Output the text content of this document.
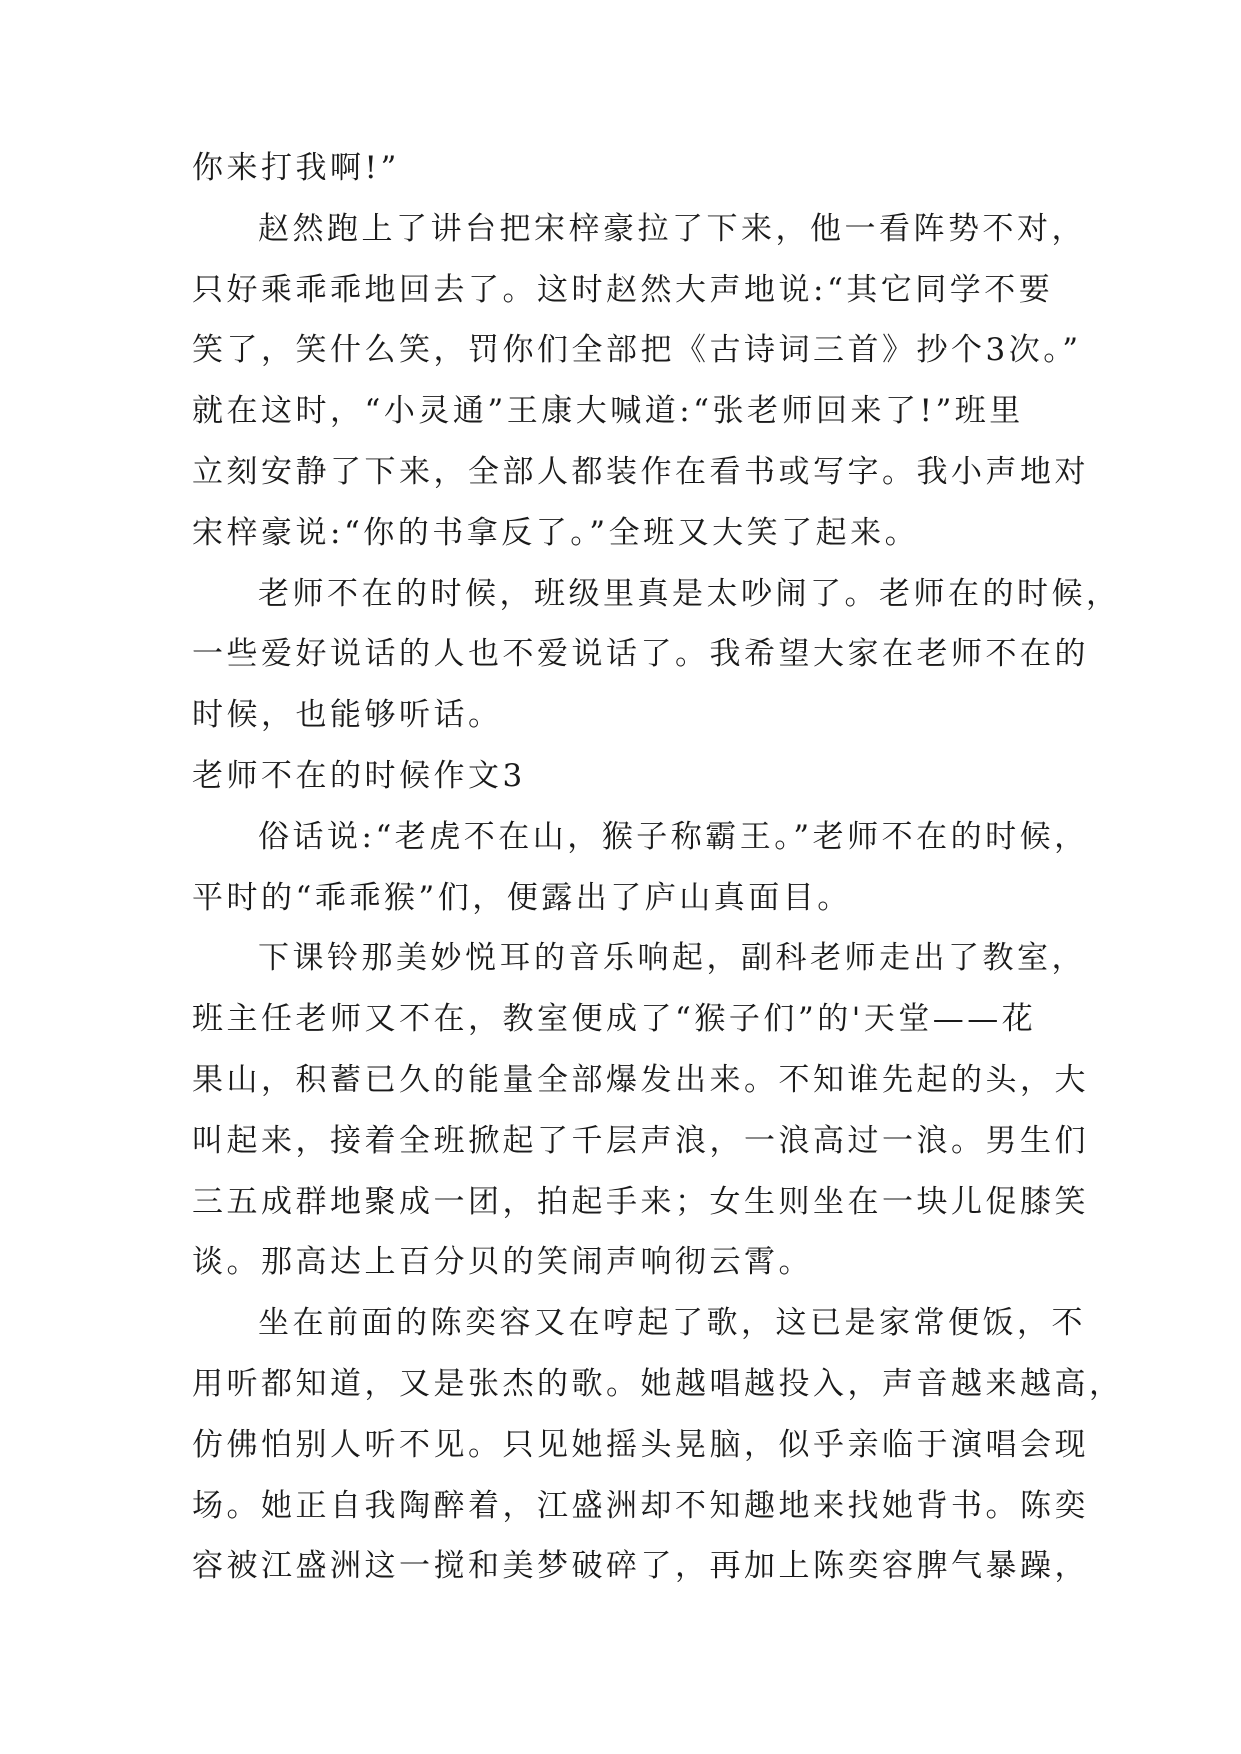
你来打我啊!”
赵然跑上了讲台把宋梓豪拉了下来，他一看阵势不对，
只好乘乖乖地回去了。这时赵然大声地说:“其它同学不要
笑了，笑什么笑，罚你们全部把《古诗词三首》抄个3次。”
就在这时，“小灵通”王康大喊道:“张老师回来了!”班里
立刻安静了下来，全部人都装作在看书或写字。我小声地对
宋梓豪说:“你的书拿反了。”全班又大笑了起来。
老师不在的时候，班级里真是太吵闹了。老师在的时候，
一些爱好说话的人也不爱说话了。我希望大家在老师不在的
时候，也能够听话。
老师不在的时候作文3
俗话说:“老虎不在山，猴子称霸王。”老师不在的时候，
平时的“乖乖猴”们，便露出了庐山真面目。
下课铃那美妙悦耳的音乐响起，副科老师走出了教室，
班主任老师又不在，教室便成了“猴子们”的'天堂——花
果山，积蓄已久的能量全部爆发出来。不知谁先起的头，大
叫起来，接着全班掀起了千层声浪，一浪高过一浪。男生们
三五成群地聚成一团，拍起手来；女生则坐在一块儿促膝笑
谈。那高达上百分贝的笑闹声响彻云霄。
坐在前面的陈奕容又在哼起了歌，这已是家常便饭，不
用听都知道，又是张杰的歌。她越唱越投入，声音越来越高，
仿佛怕别人听不见。只见她摇头晃脑，似乎亲临于演唱会现
场。她正自我陶醉着，江盛洲却不知趣地来找她背书。陈奕
容被江盛洲这一搅和美梦破碎了，再加上陈奕容脾气暴躁，
